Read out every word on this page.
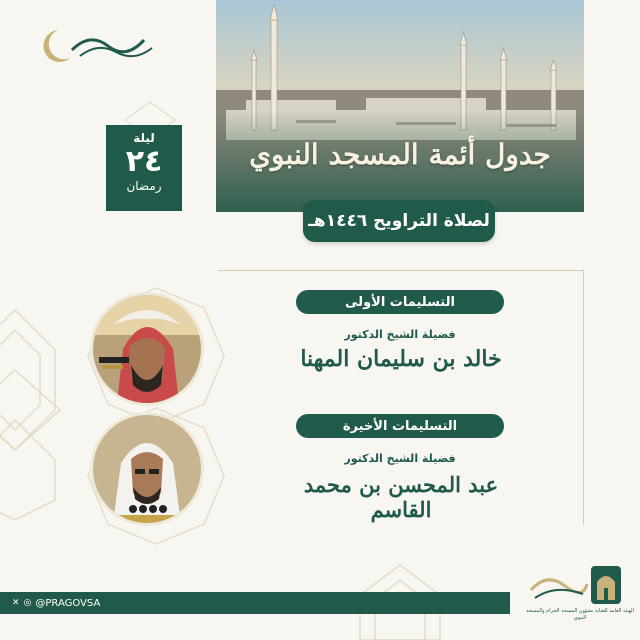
جدول أئمة المسجد النبوي
لصلاة التراويح ١٤٤٦هـ
ليلة
٢٤
رمضان
التسليمات الأولى
فضيلة الشيخ الدكتور
خالد بن سليمان المهنا
التسليمات الأخيرة
فضيلة الشيخ الدكتور
عبد المحسن بن محمد القاسم
✕ ◎ @PRAGOVSA
الهيئة العامة للعناية بشؤون المسجد الحرام والمسجد النبوي
